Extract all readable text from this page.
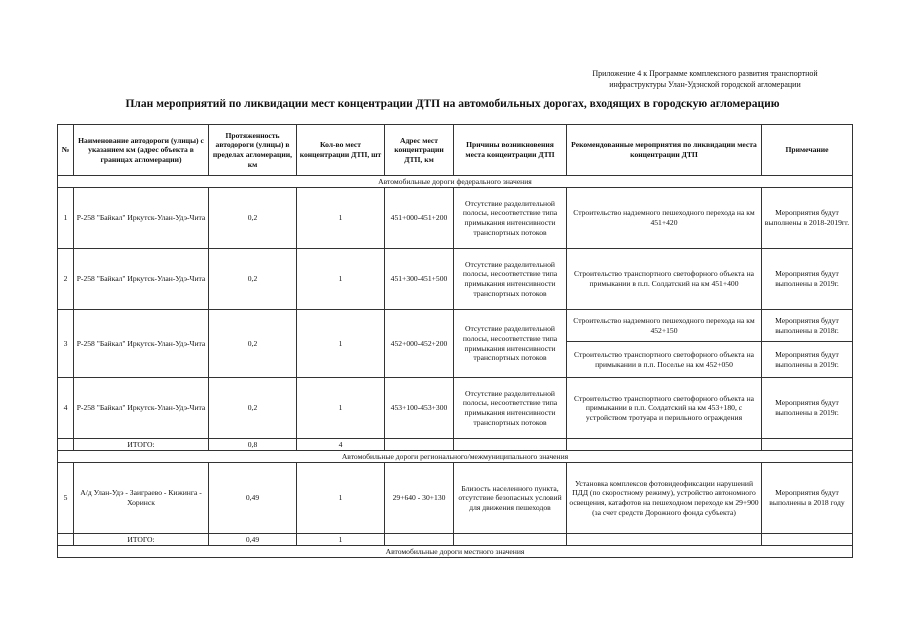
Приложение 4 к Программе комплексного развития транспортной
инфраструктуры Улан-Удэнской городской агломерации
План мероприятий по ликвидации мест концентрации ДТП на автомобильных дорогах, входящих в городскую агломерацию
№	Наименование автодороги (улицы) с указанием км (адрес объекта в границах агломерации)	Протяженность автодороги (улицы) в пределах агломерации, км	Кол-во мест концентрации ДТП, шт	Адрес мест концентрации ДТП, км	Причины возникновения места концентрации ДТП	Рекомендованные мероприятия по ликвидации места концентрации ДТП	Примечание
Автомобильные дороги федерального значения							
1	Р-258 "Байкал" Иркутск-Улан-Удэ-Чита	0,2	1	451+000-451+200	Отсутствие разделительной полосы, несоответствие типа примыкания интенсивности транспортных потоков	Строительство надземного пешеходного перехода на км 451+420	Мероприятия будут выполнены в 2018-2019гг.
2	Р-258 "Байкал" Иркутск-Улан-Удэ-Чита	0,2	1	451+300-451+500	Отсутствие разделительной полосы, несоответствие типа примыкания интенсивности транспортных потоков	Строительство транспортного светофорного объекта на примыкании в п.п. Солдатский на км 451+400	Мероприятия будут выполнены в 2019г.
3	Р-258 "Байкал" Иркутск-Улан-Удэ-Чита	0,2	1	452+000-452+200	Отсутствие разделительной полосы, несоответствие типа примыкания интенсивности транспортных потоков	Строительство надземного пешеходного перехода на км 452+150	Мероприятия будут выполнены в 2018г.
						Строительство транспортного светофорного объекта на примыкании в п.п. Поселье на км 452+050	Мероприятия будут выполнены в 2019г.
4	Р-258 "Байкал" Иркутск-Улан-Удэ-Чита	0,2	1	453+100-453+300	Отсутствие разделительной полосы, несоответствие типа примыкания интенсивности транспортных потоков	Строительство транспортного светофорного объекта на примыкании в п.п. Солдатский на км 453+180, с устройством тротуара и перильного ограждения	Мероприятия будут выполнены в 2019г.
	ИТОГО:	0,8	4				
Автомобильные дороги регионального/межмуниципального значения							
5	А/д Улан-Удэ - Заиграево - Кижинга - Хоринск	0,49	1	29+640 - 30+130	Близость населенного пункта, отсутствие безопасных условий для движения пешеходов	Установка комплексов фотовидеофиксации нарушений ПДД (по скоростному режиму), устройство автономного освещения, катафотов на пешеходном переходе км 29+900 (за счет средств Дорожного фонда субъекта)	Мероприятия будут выполнены в 2018 году
	ИТОГО:	0,49	1				
Автомобильные дороги местного значения							
